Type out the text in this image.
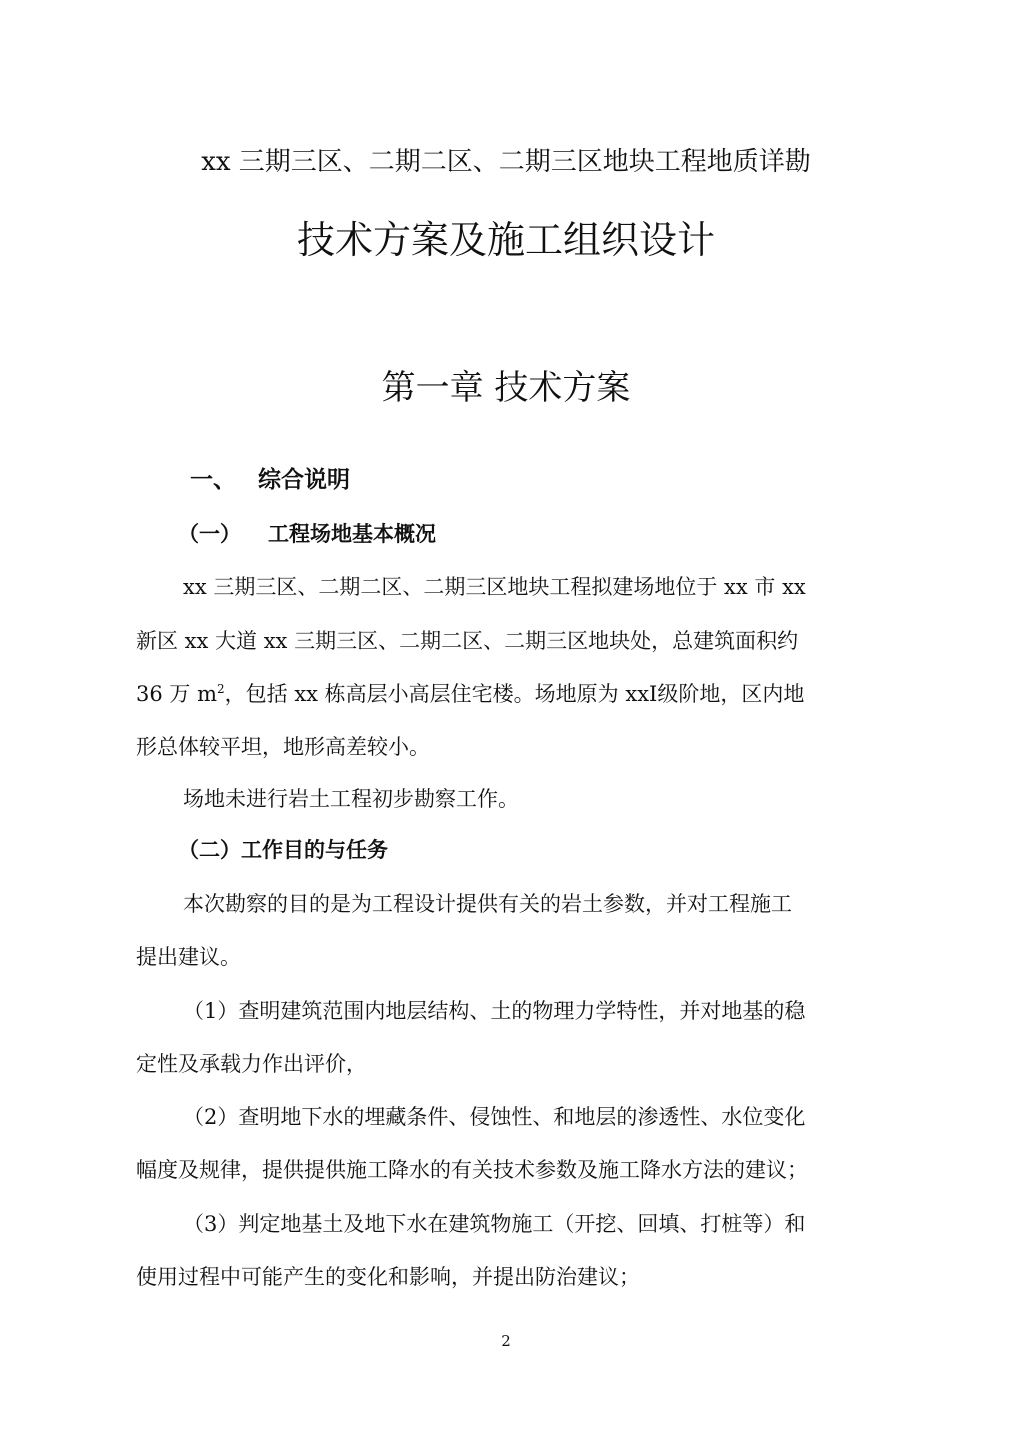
xx 三期三区、二期二区、二期三区地块工程地质详勘
技术方案及施工组织设计
第一章 技术方案
一、 综合说明
（一） 工程场地基本概况
xx 三期三区、二期二区、二期三区地块工程拟建场地位于 xx 市 xx
新区 xx 大道 xx 三期三区、二期二区、二期三区地块处，总建筑面积约
36 万 $m^2$，包括 xx 栋高层小高层住宅楼。场地原为 xxⅠ级阶地，区内地
形总体较平坦，地形高差较小。
场地未进行岩土工程初步勘察工作。
（二）工作目的与任务
本次勘察的目的是为工程设计提供有关的岩土参数，并对工程施工
提出建议。
（1）查明建筑范围内地层结构、土的物理力学特性，并对地基的稳
定性及承载力作出评价，
（2）查明地下水的埋藏条件、侵蚀性、和地层的渗透性、水位变化
幅度及规律，提供提供施工降水的有关技术参数及施工降水方法的建议；
（3）判定地基土及地下水在建筑物施工（开挖、回填、打桩等）和
使用过程中可能产生的变化和影响，并提出防治建议；
2
